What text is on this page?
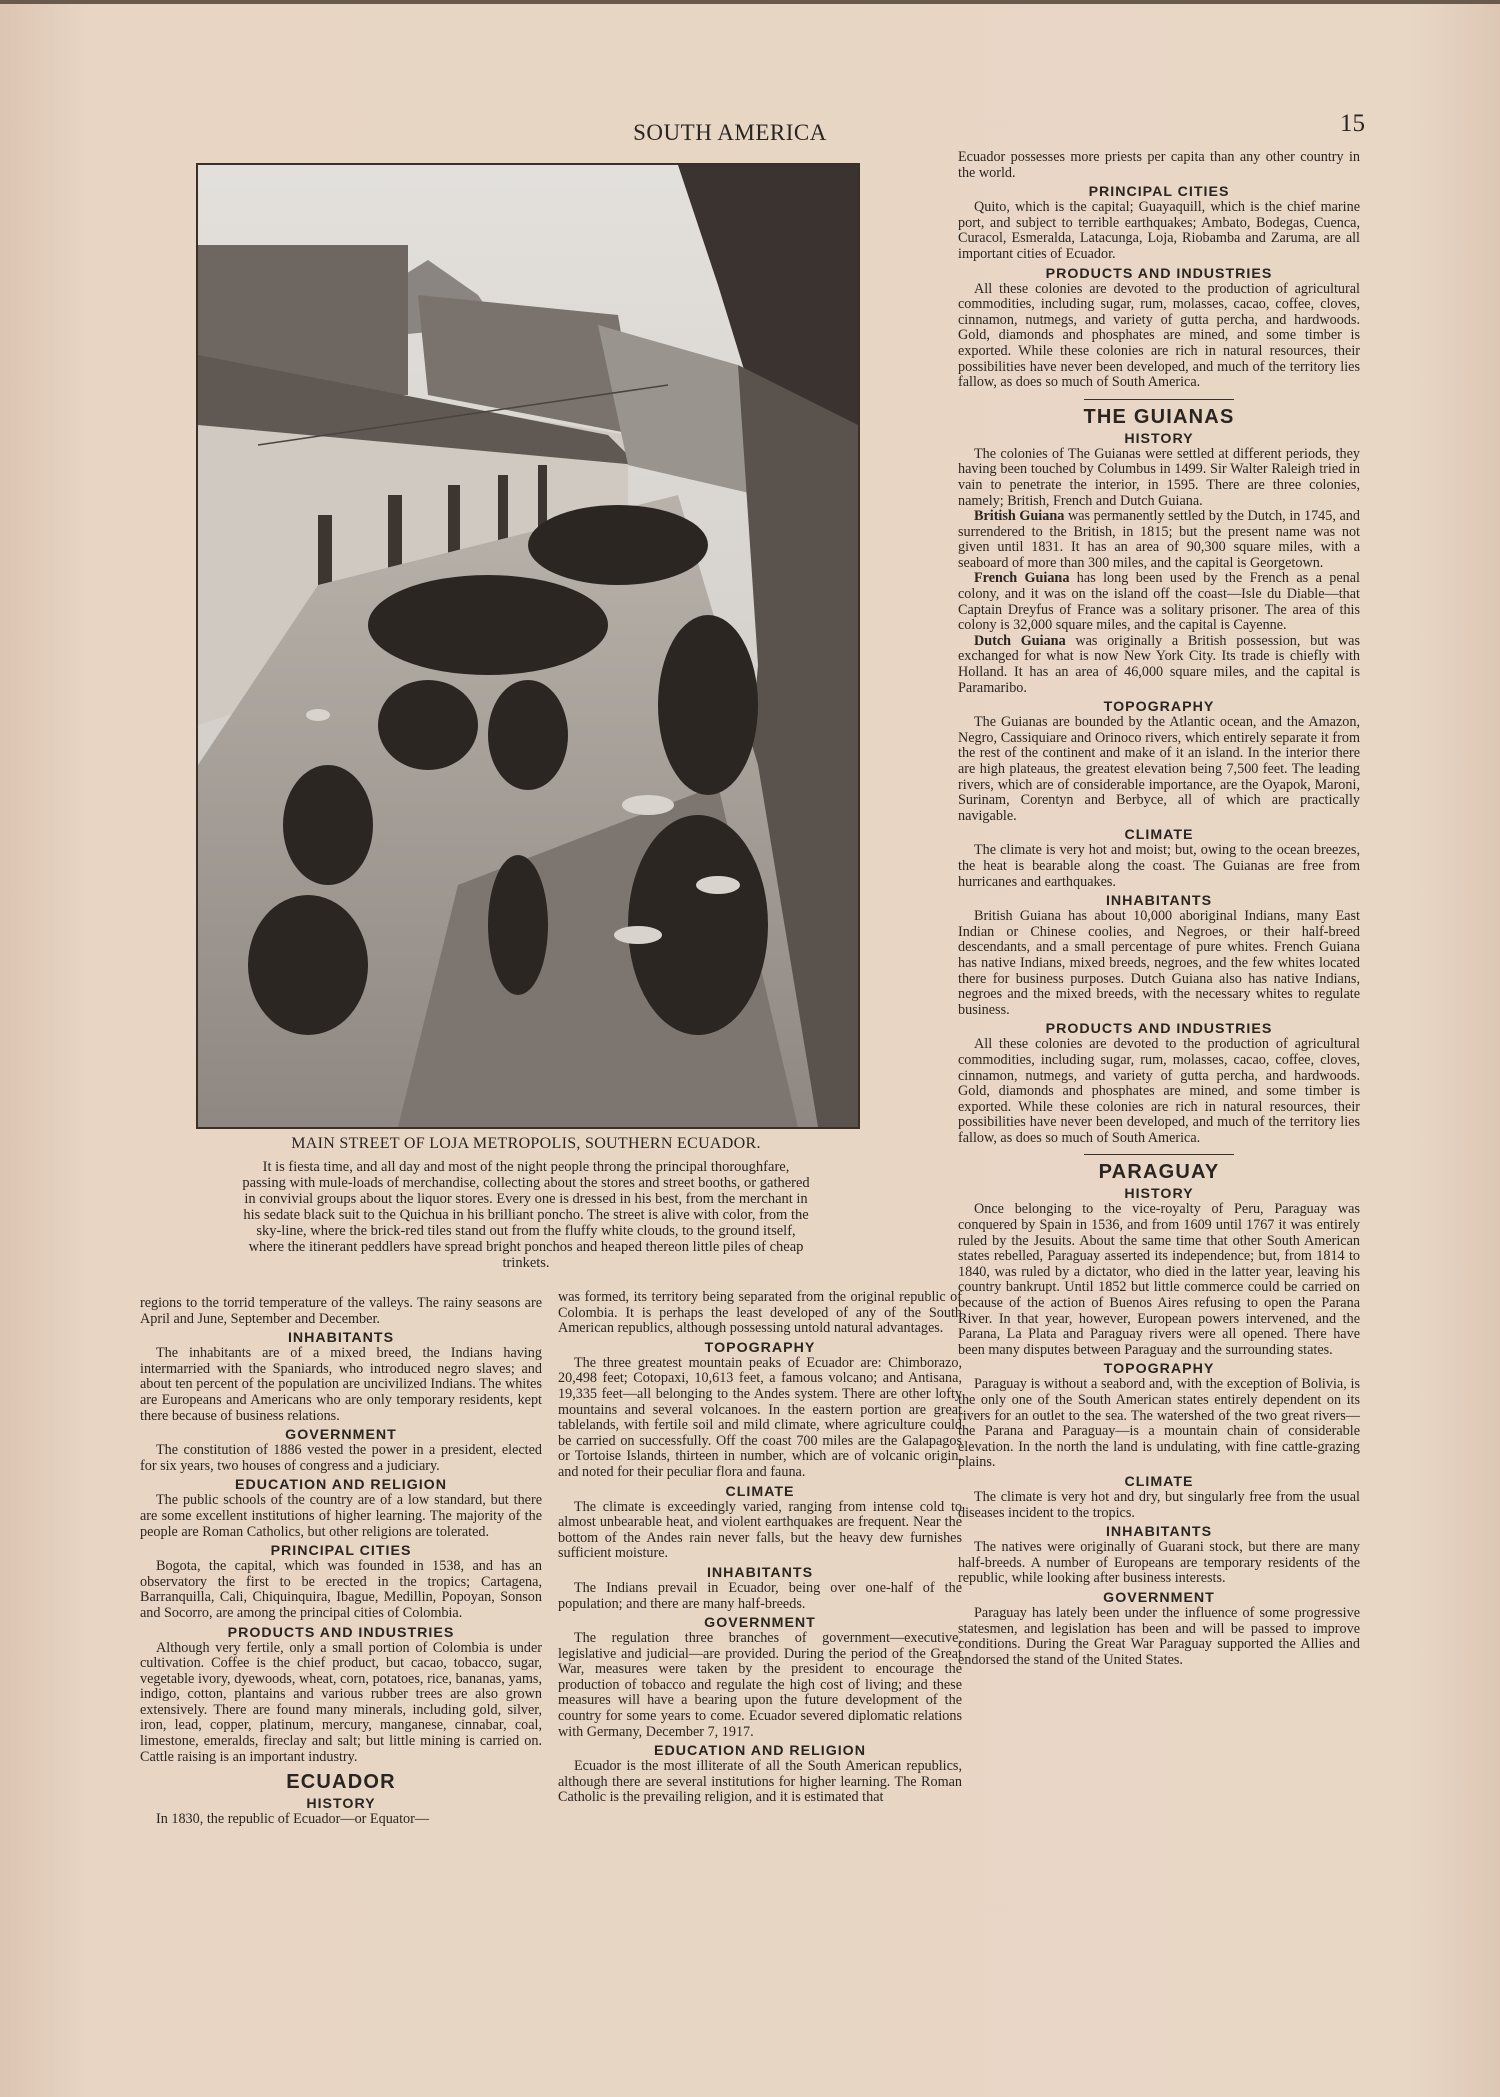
SOUTH AMERICA	15
MAIN STREET OF LOJA METROPOLIS, SOUTHERN ECUADOR.
It is fiesta time, and all day and most of the night people throng the principal thoroughfare, passing with mule-loads of merchandise, collecting about the stores and street booths, or gathered in convivial groups about the liquor stores. Every one is dressed in his best, from the merchant in his sedate black suit to the Quichua in his brilliant poncho. The street is alive with color, from the sky-line, where the brick-red tiles stand out from the fluffy white clouds, to the ground itself, where the itinerant peddlers have spread bright ponchos and heaped thereon little piles of cheap trinkets.

regions to the torrid temperature of the valleys. The rainy seasons are April and June, September and December.

INHABITANTS

The inhabitants are of a mixed breed, the Indians having intermarried with the Spaniards, who introduced negro slaves; and about ten percent of the population are uncivilized Indians. The whites are Europeans and Americans who are only temporary residents, kept there because of business relations.

GOVERNMENT

The constitution of 1886 vested the power in a president, elected for six years, two houses of congress and a judiciary.

EDUCATION AND RELIGION

The public schools of the country are of a low standard, but there are some excellent institutions of higher learning. The majority of the people are Roman Catholics, but other religions are tolerated.

PRINCIPAL CITIES

Bogota, the capital, which was founded in 1538, and has an observatory the first to be erected in the tropics; Cartagena, Barranquilla, Cali, Chiquinquira, Ibague, Medillin, Popoyan, Sonson and Socorro, are among the principal cities of Colombia.

PRODUCTS AND INDUSTRIES

Although very fertile, only a small portion of Colombia is under cultivation. Coffee is the chief product, but cacao, tobacco, sugar, vegetable ivory, dyewoods, wheat, corn, potatoes, rice, bananas, yams, indigo, cotton, plantains and various rubber trees are also grown extensively. There are found many minerals, including gold, silver, iron, lead, copper, platinum, mercury, manganese, cinnabar, coal, limestone, emeralds, fireclay and salt; but little mining is carried on. Cattle raising is an important industry.

ECUADOR
HISTORY

In 1830, the republic of Ecuador—or Equator—

was formed, its territory being separated from the original republic of Colombia. It is perhaps the least developed of any of the South American republics, although possessing untold natural advantages.

TOPOGRAPHY

The three greatest mountain peaks of Ecuador are: Chimborazo, 20,498 feet; Cotopaxi, 10,613 feet, a famous volcano; and Antisana, 19,335 feet—all belonging to the Andes system. There are other lofty mountains and several volcanoes. In the eastern portion are great tablelands, with fertile soil and mild climate, where agriculture could be carried on successfully. Off the coast 700 miles are the Galapagos or Tortoise Islands, thirteen in number, which are of volcanic origin, and noted for their peculiar flora and fauna.

CLIMATE

The climate is exceedingly varied, ranging from intense cold to almost unbearable heat, and violent earthquakes are frequent. Near the bottom of the Andes rain never falls, but the heavy dew furnishes sufficient moisture.

INHABITANTS

The Indians prevail in Ecuador, being over one-half of the population; and there are many half-breeds.

GOVERNMENT

The regulation three branches of government—executive, legislative and judicial—are provided. During the period of the Great War, measures were taken by the president to encourage the production of tobacco and regulate the high cost of living; and these measures will have a bearing upon the future development of the country for some years to come. Ecuador severed diplomatic relations with Germany, December 7, 1917.

EDUCATION AND RELIGION

Ecuador is the most illiterate of all the South American republics, although there are several institutions for higher learning. The Roman Catholic is the prevailing religion, and it is estimated that

Ecuador possesses more priests per capita than any other country in the world.

PRINCIPAL CITIES

Quito, which is the capital; Guayaquill, which is the chief marine port, and subject to terrible earthquakes; Ambato, Bodegas, Cuenca, Curacol, Esmeralda, Latacunga, Loja, Riobamba and Zaruma, are all important cities of Ecuador.

PRODUCTS AND INDUSTRIES

All these colonies are devoted to the production of agricultural commodities, including sugar, rum, molasses, cacao, coffee, cloves, cinnamon, nutmegs, and variety of gutta percha, and hardwoods. Gold, diamonds and phosphates are mined, and some timber is exported. While these colonies are rich in natural resources, their possibilities have never been developed, and much of the territory lies fallow, as does so much of South America.

THE GUIANAS
HISTORY

The colonies of The Guianas were settled at different periods, they having been touched by Columbus in 1499. Sir Walter Raleigh tried in vain to penetrate the interior, in 1595. There are three colonies, namely; British, French and Dutch Guiana.

British Guiana was permanently settled by the Dutch, in 1745, and surrendered to the British, in 1815; but the present name was not given until 1831. It has an area of 90,300 square miles, with a seaboard of more than 300 miles, and the capital is Georgetown.

French Guiana has long been used by the French as a penal colony, and it was on the island off the coast—Isle du Diable—that Captain Dreyfus of France was a solitary prisoner. The area of this colony is 32,000 square miles, and the capital is Cayenne.

Dutch Guiana was originally a British possession, but was exchanged for what is now New York City. Its trade is chiefly with Holland. It has an area of 46,000 square miles, and the capital is Paramaribo.

TOPOGRAPHY

The Guianas are bounded by the Atlantic ocean, and the Amazon, Negro, Cassiquiare and Orinoco rivers, which entirely separate it from the rest of the continent and make of it an island. In the interior there are high plateaus, the greatest elevation being 7,500 feet. The leading rivers, which are of considerable importance, are the Oyapok, Maroni, Surinam, Corentyn and Berbyce, all of which are practically navigable.

CLIMATE

The climate is very hot and moist; but, owing to the ocean breezes, the heat is bearable along the coast. The Guianas are free from hurricanes and earthquakes.

INHABITANTS

British Guiana has about 10,000 aboriginal Indians, many East Indian or Chinese coolies, and Negroes, or their half-breed descendants, and a small percentage of pure whites. French Guiana has native Indians, mixed breeds, negroes, and the few whites located there for business purposes. Dutch Guiana also has native Indians, negroes and the mixed breeds, with the necessary whites to regulate business.

PRODUCTS AND INDUSTRIES

All these colonies are devoted to the production of agricultural commodities, including sugar, rum, molasses, cacao, coffee, cloves, cinnamon, nutmegs, and variety of gutta percha, and hardwoods. Gold, diamonds and phosphates are mined, and some timber is exported. While these colonies are rich in natural resources, their possibilities have never been developed, and much of the territory lies fallow, as does so much of South America.

PARAGUAY
HISTORY

Once belonging to the vice-royalty of Peru, Paraguay was conquered by Spain in 1536, and from 1609 until 1767 it was entirely ruled by the Jesuits. About the same time that other South American states rebelled, Paraguay asserted its independence; but, from 1814 to 1840, was ruled by a dictator, who died in the latter year, leaving his country bankrupt. Until 1852 but little commerce could be carried on because of the action of Buenos Aires refusing to open the Parana River. In that year, however, European powers intervened, and the Parana, La Plata and Paraguay rivers were all opened. There have been many disputes between Paraguay and the surrounding states.

TOPOGRAPHY

Paraguay is without a seabord and, with the exception of Bolivia, is the only one of the South American states entirely dependent on its rivers for an outlet to the sea. The watershed of the two great rivers—the Parana and Paraguay—is a mountain chain of considerable elevation. In the north the land is undulating, with fine cattle-grazing plains.

CLIMATE

The climate is very hot and dry, but singularly free from the usual diseases incident to the tropics.

INHABITANTS

The natives were originally of Guarani stock, but there are many half-breeds. A number of Europeans are temporary residents of the republic, while looking after business interests.

GOVERNMENT

Paraguay has lately been under the influence of some progressive statesmen, and legislation has been and will be passed to improve conditions. During the Great War Paraguay supported the Allies and endorsed the stand of the United States.
